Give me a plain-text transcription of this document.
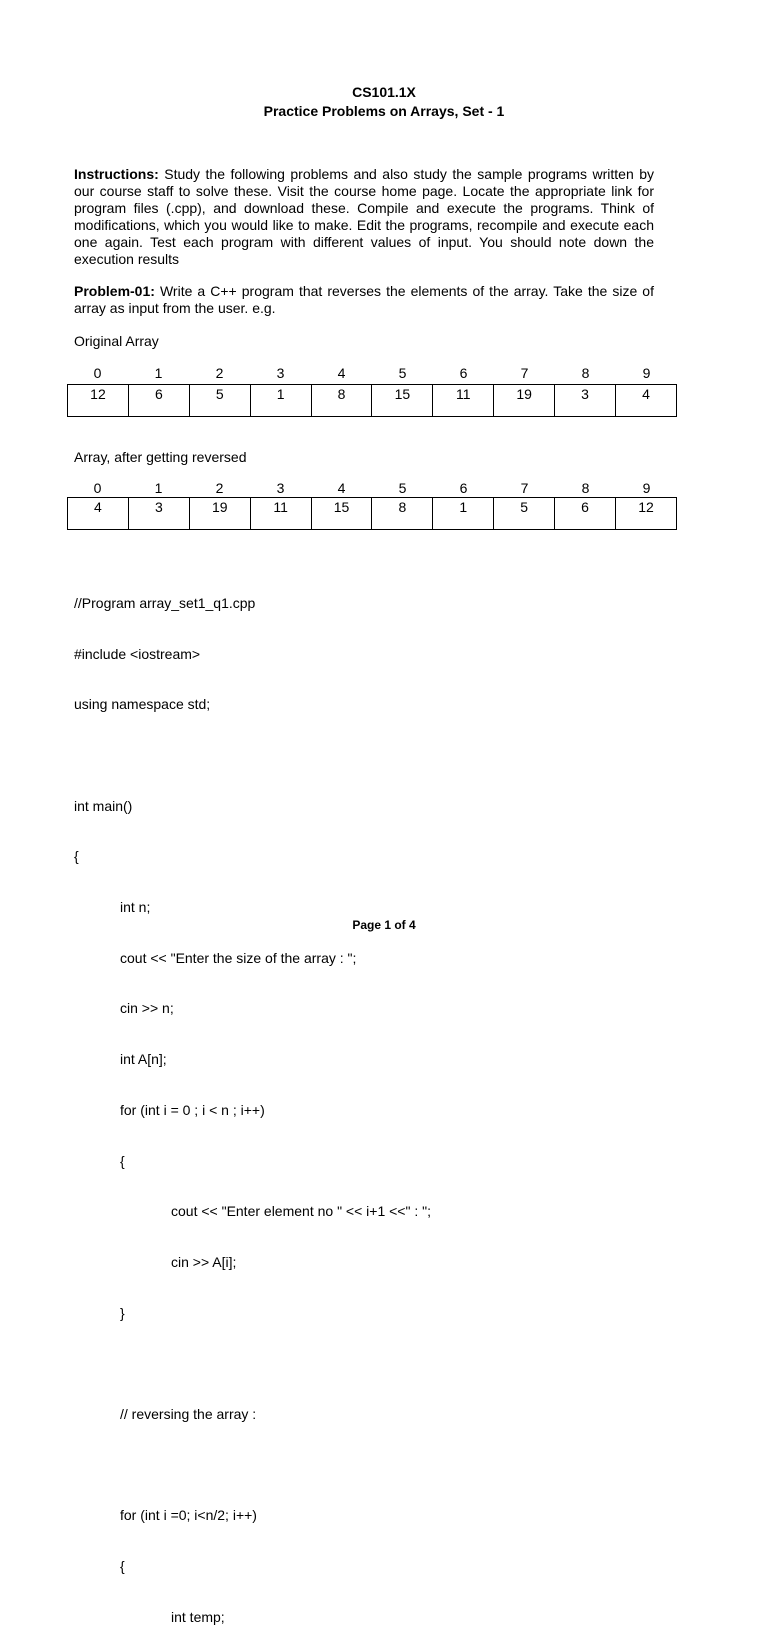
CS101.1X
Practice Problems on Arrays, Set - 1

Instructions: Study the following problems and also study the sample programs written by our course staff to solve these. Visit the course home page. Locate the appropriate link for program files (.cpp), and download these. Compile and execute the programs. Think of modifications, which you would like to make. Edit the programs, recompile and execute each one again. Test each program with different values of input. You should note down the execution results

Problem-01: Write a C++ program that reverses the elements of the array. Take the size of array as input from the user. e.g.

Original Array
0	1	2	3	4	5	6	7	8	9
12	6	5	1	8	15	11	19	3	4
Array, after getting reversed
0	1	2	3	4	5	6	7	8	9
4	3	19	11	15	8	1	5	6	12

//Program array_set1_q1.cpp

#include <iostream>

using namespace std;

int main()

{

int n;

cout << "Enter the size of the array : ";

cin >> n;

int A[n];

for (int i = 0 ; i < n ; i++)

{

cout << "Enter element no " << i+1 <<" : ";

cin >> A[i];

}

// reversing the array :

for (int i =0; i<n/2; i++)

{

int temp;

Page 1 of 4
